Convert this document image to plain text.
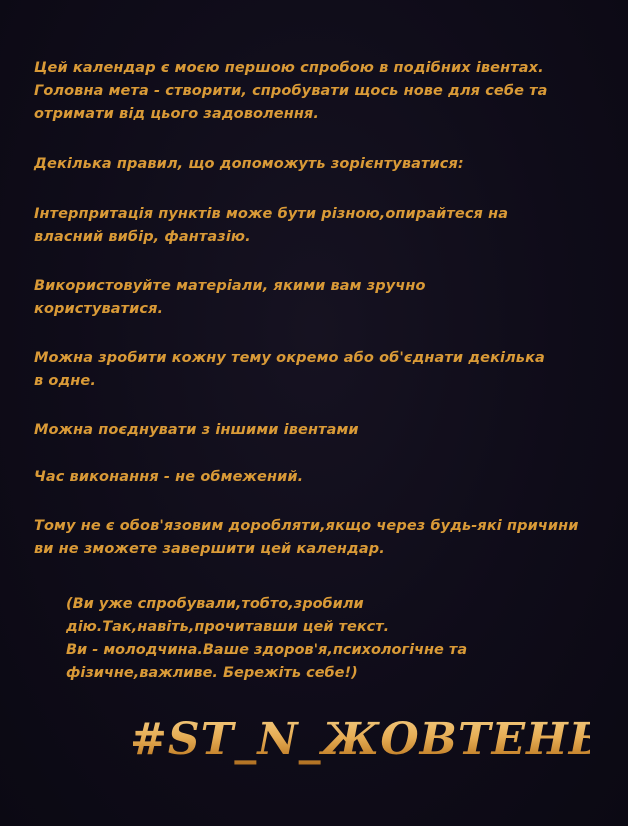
Цей календар є моєю першою спробою в подібних івентах.
Головна мета - створити, спробувати щось нове для себе та
отримати від цього задоволення.

Декілька правил, що допоможуть зорієнтуватися:

Інтерпритація пунктів може бути різною,опирайтеся на
власний вибір, фантазію.

Використовуйте матеріали, якими вам зручно
користуватися.

Можна зробити кожну тему окремо або об'єднати декілька
в одне.

Можна поєднувати з іншими івентами

Час виконання - не обмежений.

Тому не є обов'язовим доробляти,якщо через будь-які причини
ви не зможете завершити цей календар.

(Ви уже спробували,тобто,зробили
дію.Так,навіть,прочитавши цей текст.
Ви - молодчина.Ваше здоров'я,психологічне та
фізичне,важливе. Бережіть себе!)

#ST_N_ЖОВТЕНЬ
